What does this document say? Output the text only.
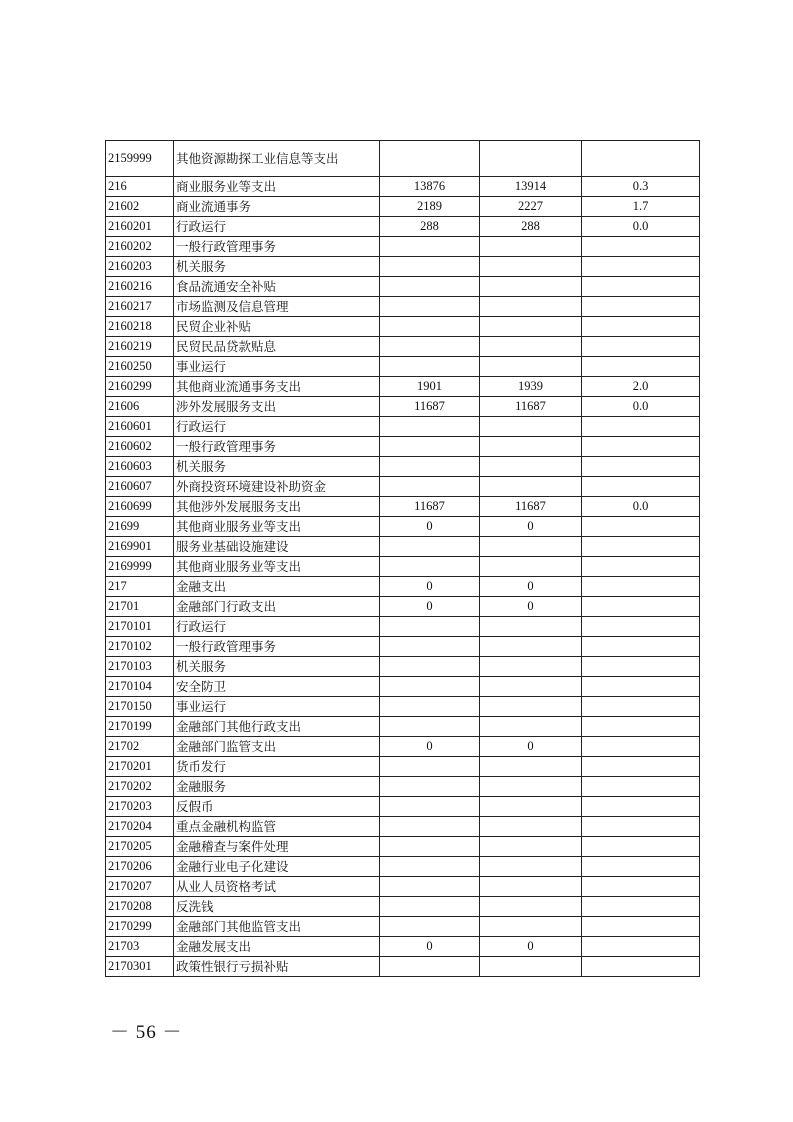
2159999	其他资源勘探工业信息等支出			
216	商业服务业等支出	13876	13914	0.3
21602	商业流通事务	2189	2227	1.7
2160201	行政运行	288	288	0.0
2160202	一般行政管理事务			
2160203	机关服务			
2160216	食品流通安全补贴			
2160217	市场监测及信息管理			
2160218	民贸企业补贴			
2160219	民贸民品贷款贴息			
2160250	事业运行			
2160299	其他商业流通事务支出	1901	1939	2.0
21606	涉外发展服务支出	11687	11687	0.0
2160601	行政运行			
2160602	一般行政管理事务			
2160603	机关服务			
2160607	外商投资环境建设补助资金			
2160699	其他涉外发展服务支出	11687	11687	0.0
21699	其他商业服务业等支出	0	0	
2169901	服务业基础设施建设			
2169999	其他商业服务业等支出			
217	金融支出	0	0	
21701	金融部门行政支出	0	0	
2170101	行政运行			
2170102	一般行政管理事务			
2170103	机关服务			
2170104	安全防卫			
2170150	事业运行			
2170199	金融部门其他行政支出			
21702	金融部门监管支出	0	0	
2170201	货币发行			
2170202	金融服务			
2170203	反假币			
2170204	重点金融机构监管			
2170205	金融稽查与案件处理			
2170206	金融行业电子化建设			
2170207	从业人员资格考试			
2170208	反洗钱			
2170299	金融部门其他监管支出			
21703	金融发展支出	0	0	
2170301	政策性银行亏损补贴			
－ 56 －
